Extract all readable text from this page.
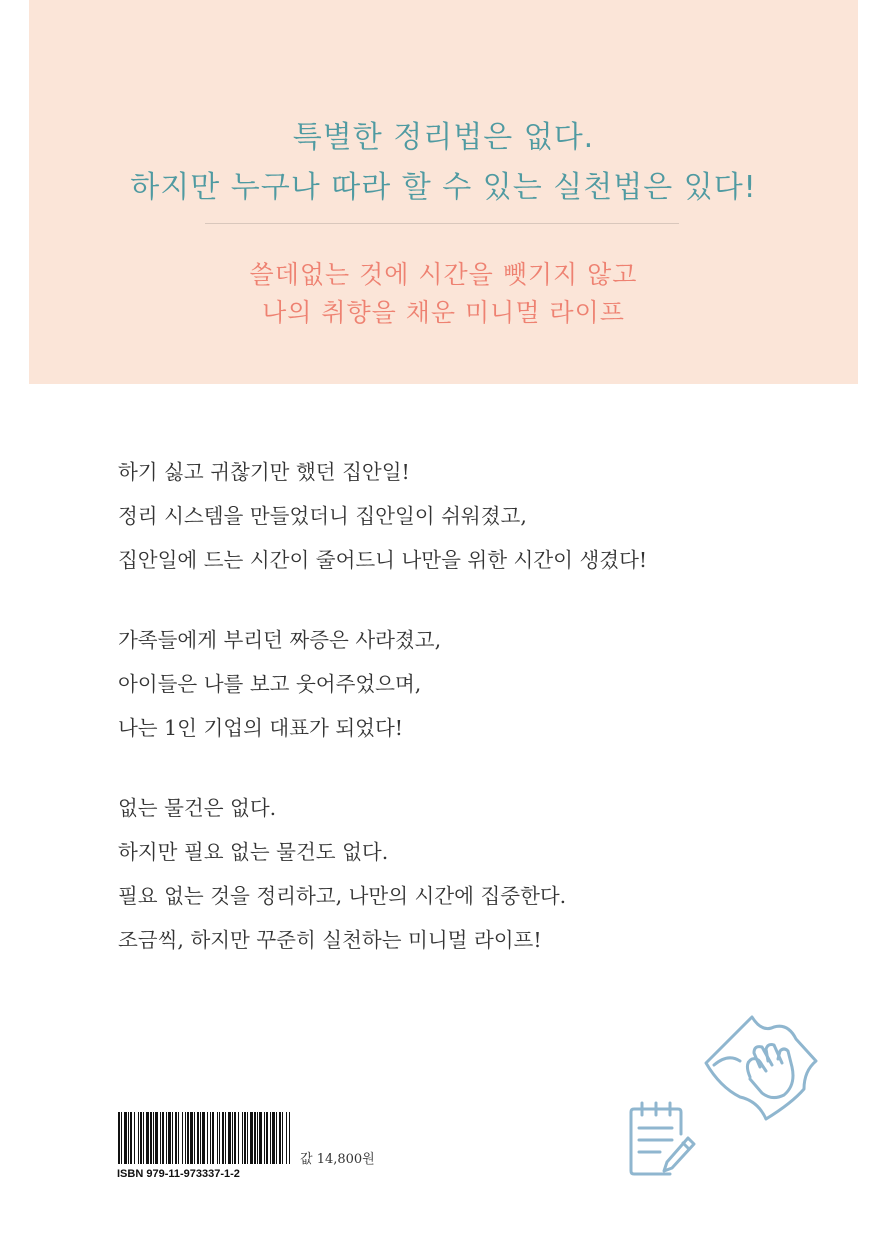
특별한 정리법은 없다.
하지만 누구나 따라 할 수 있는 실천법은 있다!
쓸데없는 것에 시간을 뺏기지 않고
나의 취향을 채운 미니멀 라이프
하기 싫고 귀찮기만 했던 집안일!
정리 시스템을 만들었더니 집안일이 쉬워졌고,
집안일에 드는 시간이 줄어드니 나만을 위한 시간이 생겼다!
가족들에게 부리던 짜증은 사라졌고,
아이들은 나를 보고 웃어주었으며,
나는 1인 기업의 대표가 되었다!
없는 물건은 없다.
하지만 필요 없는 물건도 없다.
필요 없는 것을 정리하고, 나만의 시간에 집중한다.
조금씩, 하지만 꾸준히 실천하는 미니멀 라이프!
ISBN 979-11-973337-1-2
값 14,800원
